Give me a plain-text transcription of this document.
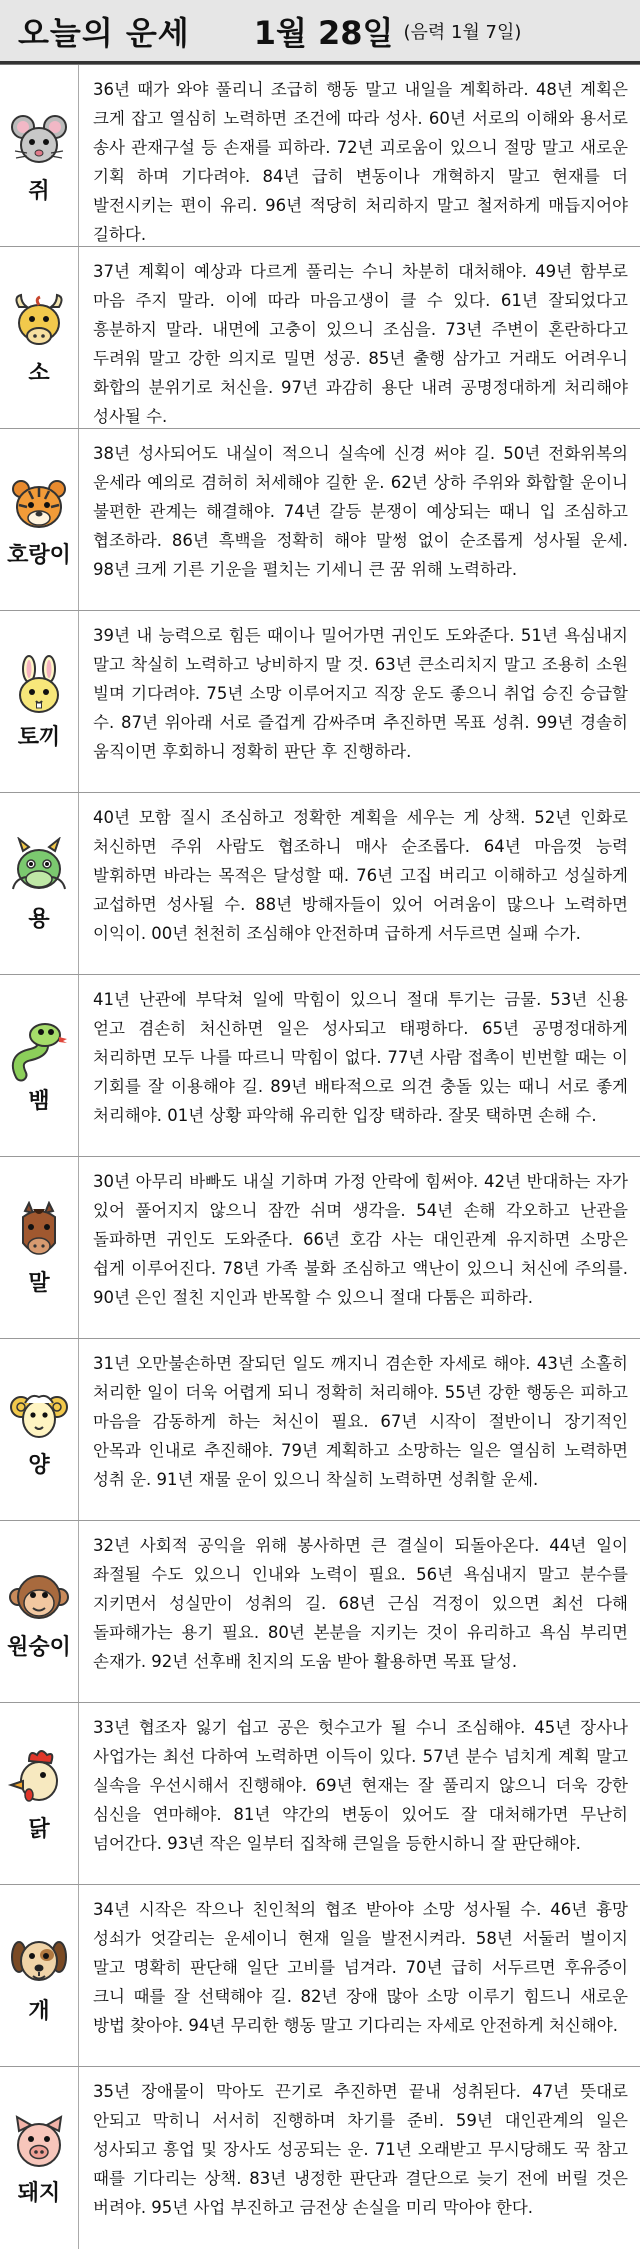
오늘의 운세 1월 28일 (음력 1월 7일)
쥐
36년 때가 와야 풀리니 조급히 행동 말고 내일을 계획하라. 48년 계획은 크게 잡고 열심히 노력하면 조건에 따라 성사. 60년 서로의 이해와 용서로 송사 관재구설 등 손재를 피하라. 72년 괴로움이 있으니 절망 말고 새로운 기획 하며 기다려야. 84년 급히 변동이나 개혁하지 말고 현재를 더 발전시키는 편이 유리. 96년 적당히 처리하지 말고 철저하게 매듭지어야 길하다.
소
37년 계획이 예상과 다르게 풀리는 수니 차분히 대처해야. 49년 함부로 마음 주지 말라. 이에 따라 마음고생이 클 수 있다. 61년 잘되었다고 흥분하지 말라. 내면에 고충이 있으니 조심을. 73년 주변이 혼란하다고 두려워 말고 강한 의지로 밀면 성공. 85년 출행 삼가고 거래도 어려우니 화합의 분위기로 처신을. 97년 과감히 용단 내려 공명정대하게 처리해야 성사될 수.
호랑이
38년 성사되어도 내실이 적으니 실속에 신경 써야 길. 50년 전화위복의 운세라 예의로 겸허히 처세해야 길한 운. 62년 상하 주위와 화합할 운이니 불편한 관계는 해결해야. 74년 갈등 분쟁이 예상되는 때니 입 조심하고 협조하라. 86년 흑백을 정확히 해야 말썽 없이 순조롭게 성사될 운세. 98년 크게 기른 기운을 펼치는 기세니 큰 꿈 위해 노력하라.
토끼
39년 내 능력으로 힘든 때이나 밀어가면 귀인도 도와준다. 51년 욕심내지 말고 착실히 노력하고 낭비하지 말 것. 63년 큰소리치지 말고 조용히 소원 빌며 기다려야. 75년 소망 이루어지고 직장 운도 좋으니 취업 승진 승급할 수. 87년 위아래 서로 즐겁게 감싸주며 추진하면 목표 성취. 99년 경솔히 움직이면 후회하니 정확히 판단 후 진행하라.
용
40년 모함 질시 조심하고 정확한 계획을 세우는 게 상책. 52년 인화로 처신하면 주위 사람도 협조하니 매사 순조롭다. 64년 마음껏 능력 발휘하면 바라는 목적은 달성할 때. 76년 고집 버리고 이해하고 성실하게 교섭하면 성사될 수. 88년 방해자들이 있어 어려움이 많으나 노력하면 이익이. 00년 천천히 조심해야 안전하며 급하게 서두르면 실패 수가.
뱀
41년 난관에 부닥쳐 일에 막힘이 있으니 절대 투기는 금물. 53년 신용 얻고 겸손히 처신하면 일은 성사되고 태평하다. 65년 공명정대하게 처리하면 모두 나를 따르니 막힘이 없다. 77년 사람 접촉이 빈번할 때는 이 기회를 잘 이용해야 길. 89년 배타적으로 의견 충돌 있는 때니 서로 좋게 처리해야. 01년 상황 파악해 유리한 입장 택하라. 잘못 택하면 손해 수.
말
30년 아무리 바빠도 내실 기하며 가정 안락에 힘써야. 42년 반대하는 자가 있어 풀어지지 않으니 잠깐 쉬며 생각을. 54년 손해 각오하고 난관을 돌파하면 귀인도 도와준다. 66년 호감 사는 대인관계 유지하면 소망은 쉽게 이루어진다. 78년 가족 불화 조심하고 액난이 있으니 처신에 주의를. 90년 은인 절친 지인과 반목할 수 있으니 절대 다툼은 피하라.
양
31년 오만불손하면 잘되던 일도 깨지니 겸손한 자세로 해야. 43년 소홀히 처리한 일이 더욱 어렵게 되니 정확히 처리해야. 55년 강한 행동은 피하고 마음을 감동하게 하는 처신이 필요. 67년 시작이 절반이니 장기적인 안목과 인내로 추진해야. 79년 계획하고 소망하는 일은 열심히 노력하면 성취 운. 91년 재물 운이 있으니 착실히 노력하면 성취할 운세.
원숭이
32년 사회적 공익을 위해 봉사하면 큰 결실이 되돌아온다. 44년 일이 좌절될 수도 있으니 인내와 노력이 필요. 56년 욕심내지 말고 분수를 지키면서 성실만이 성취의 길. 68년 근심 걱정이 있으면 최선 다해 돌파해가는 용기 필요. 80년 본분을 지키는 것이 유리하고 욕심 부리면 손재가. 92년 선후배 친지의 도움 받아 활용하면 목표 달성.
닭
33년 협조자 잃기 쉽고 공은 헛수고가 될 수니 조심해야. 45년 장사나 사업가는 최선 다하여 노력하면 이득이 있다. 57년 분수 넘치게 계획 말고 실속을 우선시해서 진행해야. 69년 현재는 잘 풀리지 않으니 더욱 강한 심신을 연마해야. 81년 약간의 변동이 있어도 잘 대처해가면 무난히 넘어간다. 93년 작은 일부터 집착해 큰일을 등한시하니 잘 판단해야.
개
34년 시작은 작으나 친인척의 협조 받아야 소망 성사될 수. 46년 흉망 성쇠가 엇갈리는 운세이니 현재 일을 발전시켜라. 58년 서둘러 벌이지 말고 명확히 판단해 일단 고비를 넘겨라. 70년 급히 서두르면 후유증이 크니 때를 잘 선택해야 길. 82년 장애 많아 소망 이루기 힘드니 새로운 방법 찾아야. 94년 무리한 행동 말고 기다리는 자세로 안전하게 처신해야.
돼지
35년 장애물이 막아도 끈기로 추진하면 끝내 성취된다. 47년 뜻대로 안되고 막히니 서서히 진행하며 차기를 준비. 59년 대인관계의 일은 성사되고 흥업 및 장사도 성공되는 운. 71년 오래받고 무시당해도 꾹 참고 때를 기다리는 상책. 83년 냉정한 판단과 결단으로 늦기 전에 버릴 것은 버려야. 95년 사업 부진하고 금전상 손실을 미리 막아야 한다.
